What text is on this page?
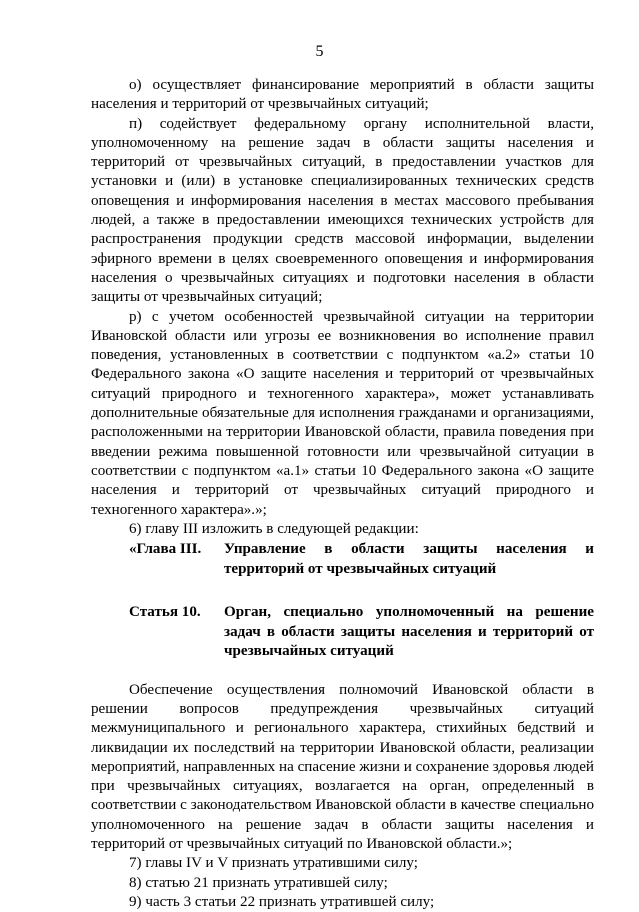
5

о) осуществляет финансирование мероприятий в области защиты населения и территорий от чрезвычайных ситуаций;

п) содействует федеральному органу исполнительной власти, уполномоченному на решение задач в области защиты населения и территорий от чрезвычайных ситуаций, в предоставлении участков для установки и (или) в установке специализированных технических средств оповещения и информирования населения в местах массового пребывания людей, а также в предоставлении имеющихся технических устройств для распространения продукции средств массовой информации, выделении эфирного времени в целях своевременного оповещения и информирования населения о чрезвычайных ситуациях и подготовки населения в области защиты от чрезвычайных ситуаций;

р) с учетом особенностей чрезвычайной ситуации на территории Ивановской области или угрозы ее возникновения во исполнение правил поведения, установленных в соответствии с подпунктом «а.2» статьи 10 Федерального закона «О защите населения и территорий от чрезвычайных ситуаций природного и техногенного характера», может устанавливать дополнительные обязательные для исполнения гражданами и организациями, расположенными на территории Ивановской области, правила поведения при введении режима повышенной готовности или чрезвычайной ситуации в соответствии с подпунктом «а.1» статьи 10 Федерального закона «О защите населения и территорий от чрезвычайных ситуаций природного и техногенного характера».»;

6) главу III изложить в следующей редакции:

«Глава III.	Управление в области защиты населения и
территорий от чрезвычайных ситуаций
Статья 10.	Орган, специально уполномоченный на решение задач в области защиты населения и территорий от чрезвычайных ситуаций

Обеспечение осуществления полномочий Ивановской области в решении вопросов предупреждения чрезвычайных ситуаций межмуниципального и регионального характера, стихийных бедствий и ликвидации их последствий на территории Ивановской области, реализации мероприятий, направленных на спасение жизни и сохранение здоровья людей при чрезвычайных ситуациях, возлагается на орган, определенный в соответствии с законодательством Ивановской области в качестве специально уполномоченного на решение задач в области защиты населения и территорий от чрезвычайных ситуаций по Ивановской области.»;

7) главы IV и V признать утратившими силу;

8) статью 21 признать утратившей силу;

9) часть 3 статьи 22 признать утратившей силу;
